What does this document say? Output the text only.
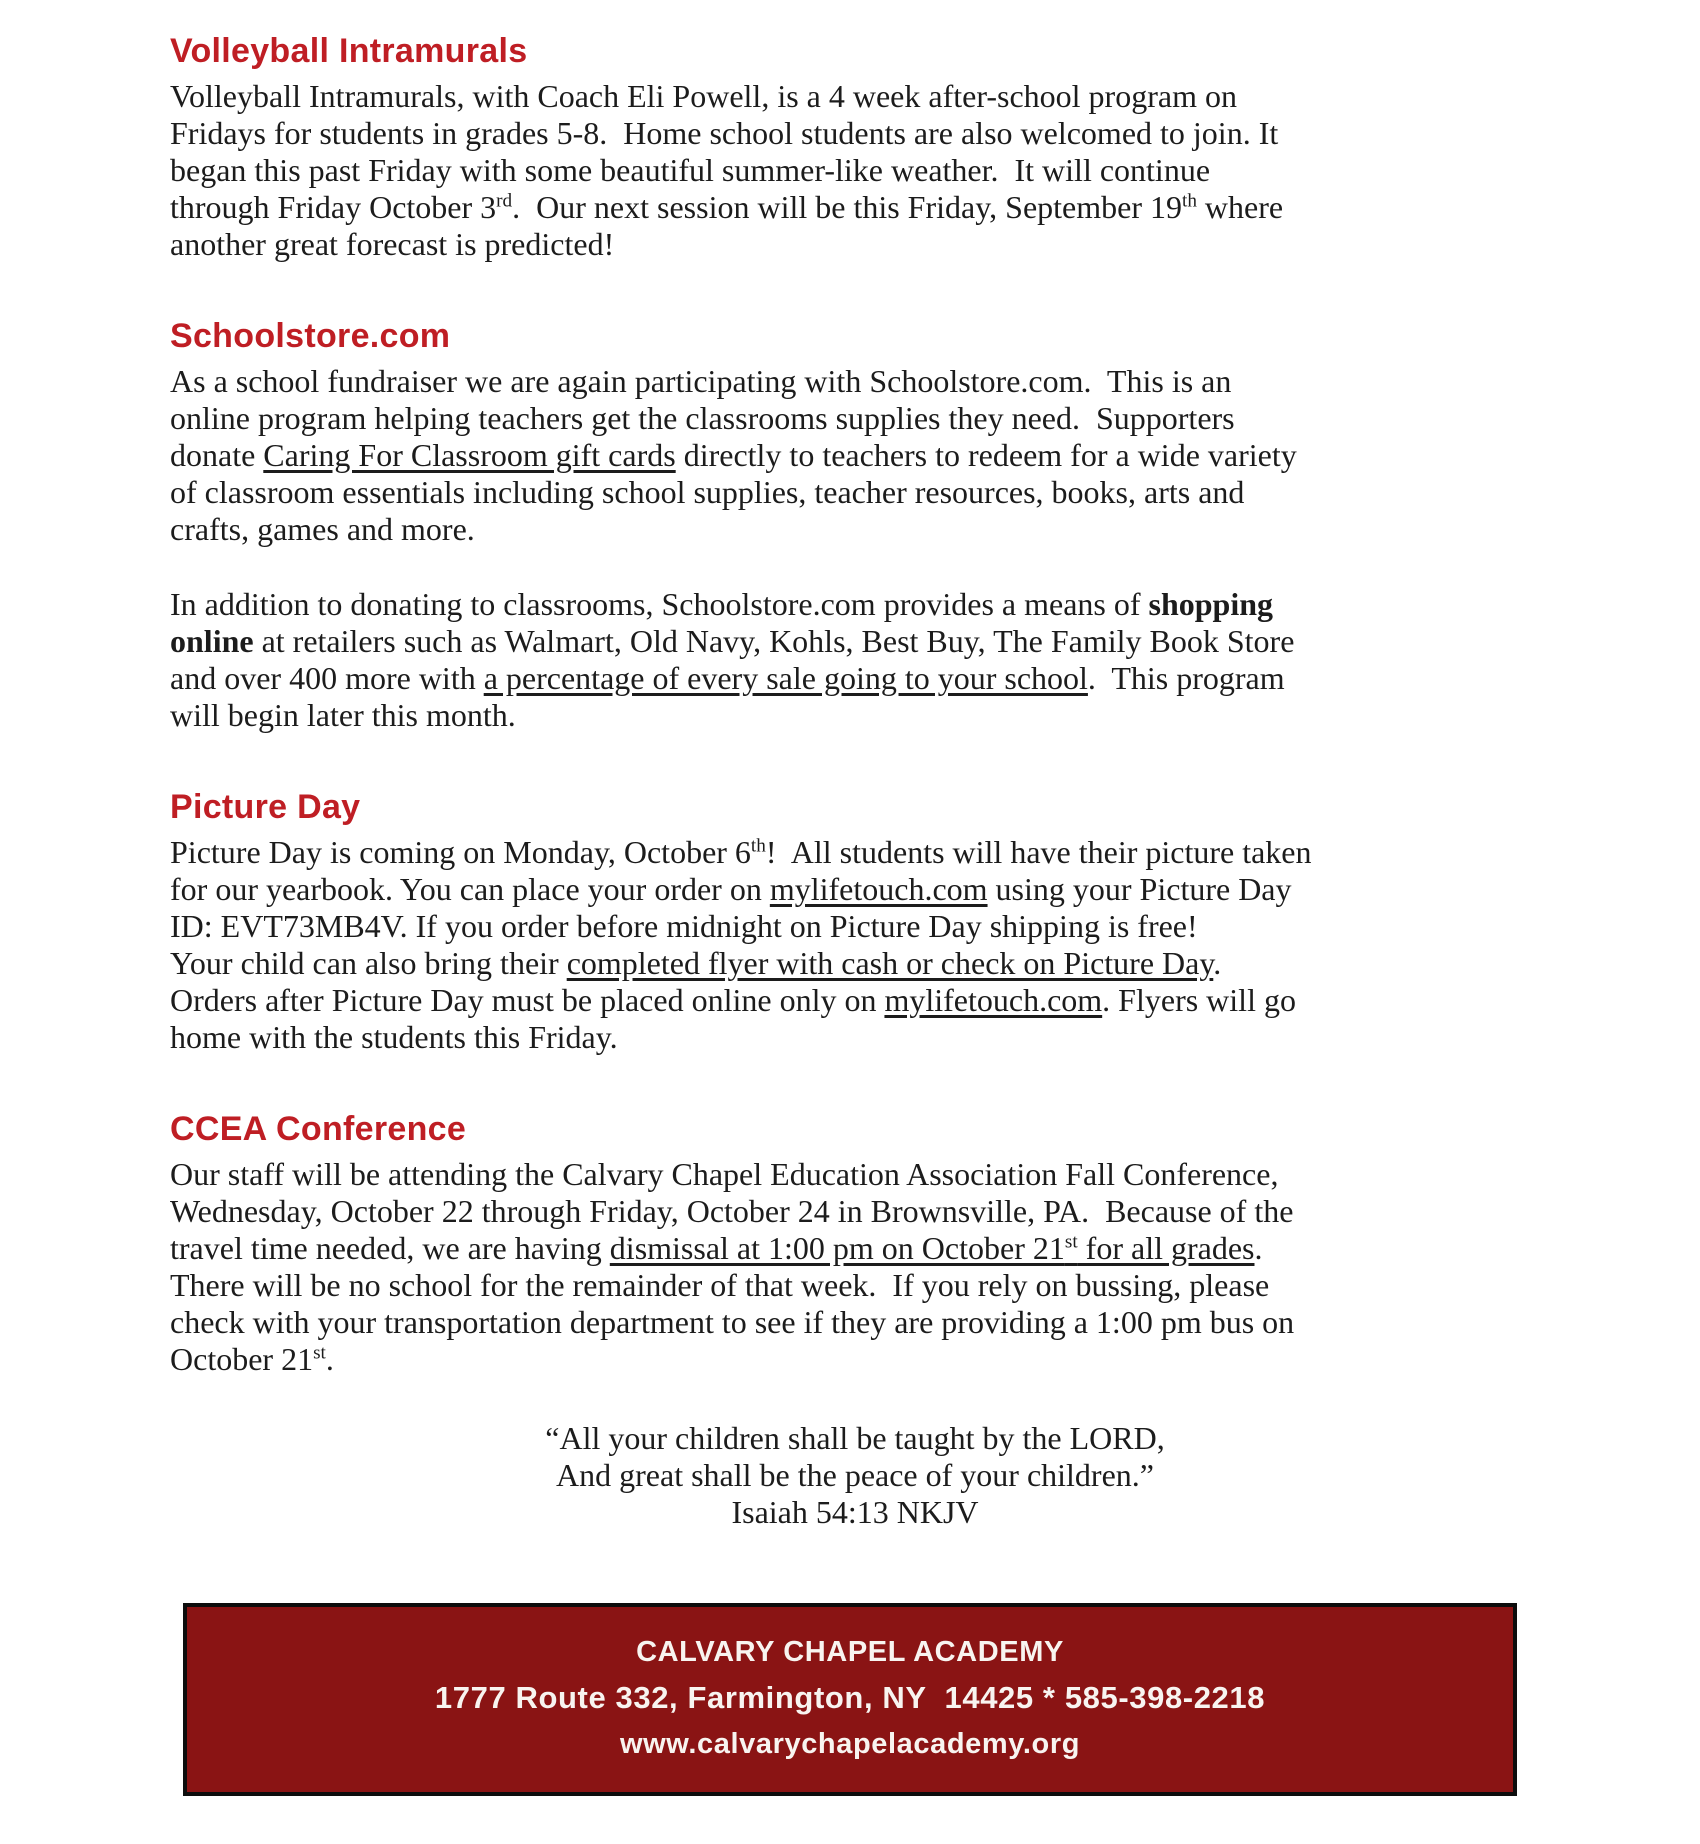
Volleyball Intramurals
Volleyball Intramurals, with Coach Eli Powell, is a 4 week after-school program on
Fridays for students in grades 5-8.  Home school students are also welcomed to join. It
began this past Friday with some beautiful summer-like weather.  It will continue
through Friday October 3rd.  Our next session will be this Friday, September 19th where
another great forecast is predicted!
Schoolstore.com
As a school fundraiser we are again participating with Schoolstore.com.  This is an
online program helping teachers get the classrooms supplies they need.  Supporters
donate Caring For Classroom gift cards directly to teachers to redeem for a wide variety
of classroom essentials including school supplies, teacher resources, books, arts and
crafts, games and more.
In addition to donating to classrooms, Schoolstore.com provides a means of shopping
online at retailers such as Walmart, Old Navy, Kohls, Best Buy, The Family Book Store
and over 400 more with a percentage of every sale going to your school.  This program
will begin later this month.
Picture Day
Picture Day is coming on Monday, October 6th!  All students will have their picture taken
for our yearbook. You can place your order on mylifetouch.com using your Picture Day
ID: EVT73MB4V. If you order before midnight on Picture Day shipping is free!
Your child can also bring their completed flyer with cash or check on Picture Day.
Orders after Picture Day must be placed online only on mylifetouch.com. Flyers will go
home with the students this Friday.
CCEA Conference
Our staff will be attending the Calvary Chapel Education Association Fall Conference,
Wednesday, October 22 through Friday, October 24 in Brownsville, PA.  Because of the
travel time needed, we are having dismissal at 1:00 pm on October 21st for all grades.
There will be no school for the remainder of that week.  If you rely on bussing, please
check with your transportation department to see if they are providing a 1:00 pm bus on
October 21st.
“All your children shall be taught by the LORD,
And great shall be the peace of your children.”
Isaiah 54:13 NKJV
CALVARY CHAPEL ACADEMY
1777 Route 332, Farmington, NY  14425 * 585-398-2218
www.calvarychapelacademy.org
